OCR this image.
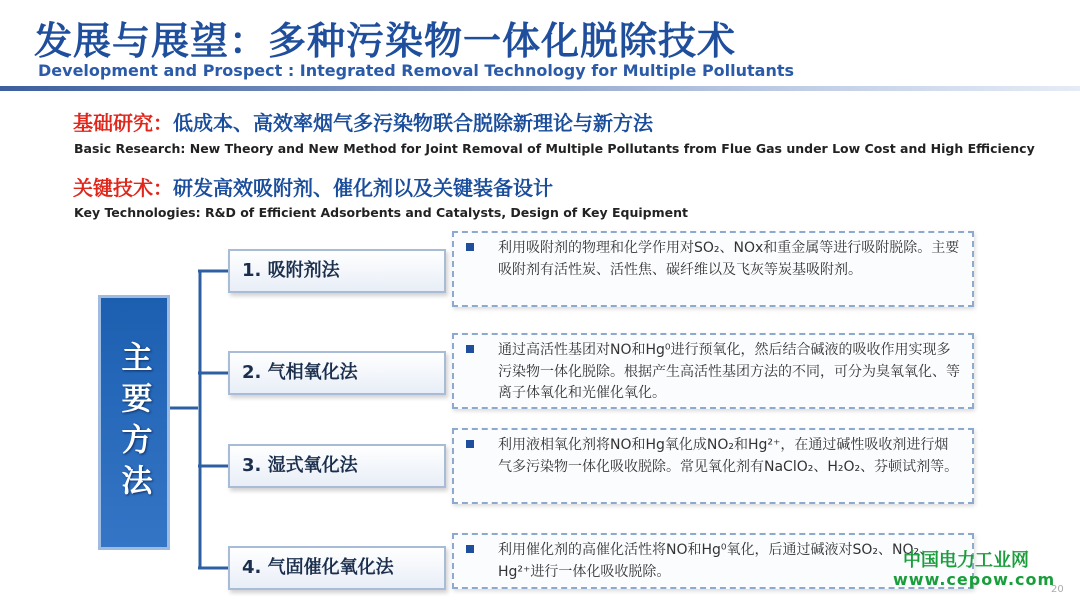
发展与展望：多种污染物一体化脱除技术
Development and Prospect : Integrated Removal Technology for Multiple Pollutants
基础研究：低成本、高效率烟气多污染物联合脱除新理论与新方法
Basic Research: New Theory and New Method for Joint Removal of Multiple Pollutants from Flue Gas under Low Cost and High Efficiency
关键技术：研发高效吸附剂、催化剂以及关键装备设计
Key Technologies: R&D of Efficient Adsorbents and Catalysts, Design of Key Equipment
主要方法
1. 吸附剂法
2. 气相氧化法
3. 湿式氧化法
4. 气固催化氧化法
利用吸附剂的物理和化学作用对SO₂、NOx和重金属等进行吸附脱除。主要吸附剂有活性炭、活性焦、碳纤维以及飞灰等炭基吸附剂。
通过高活性基团对NO和Hg⁰进行预氧化，然后结合碱液的吸收作用实现多污染物一体化脱除。根据产生高活性基团方法的不同，可分为臭氧氧化、等离子体氧化和光催化氧化。
利用液相氧化剂将NO和Hg氧化成NO₂和Hg²⁺，在通过碱性吸收剂进行烟气多污染物一体化吸收脱除。常见氧化剂有NaClO₂、H₂O₂、芬顿试剂等。
利用催化剂的高催化活性将NO和Hg⁰氧化，后通过碱液对SO₂、NO₂、Hg²⁺进行一体化吸收脱除。
中国电力工业网
www.cepow.com
20
